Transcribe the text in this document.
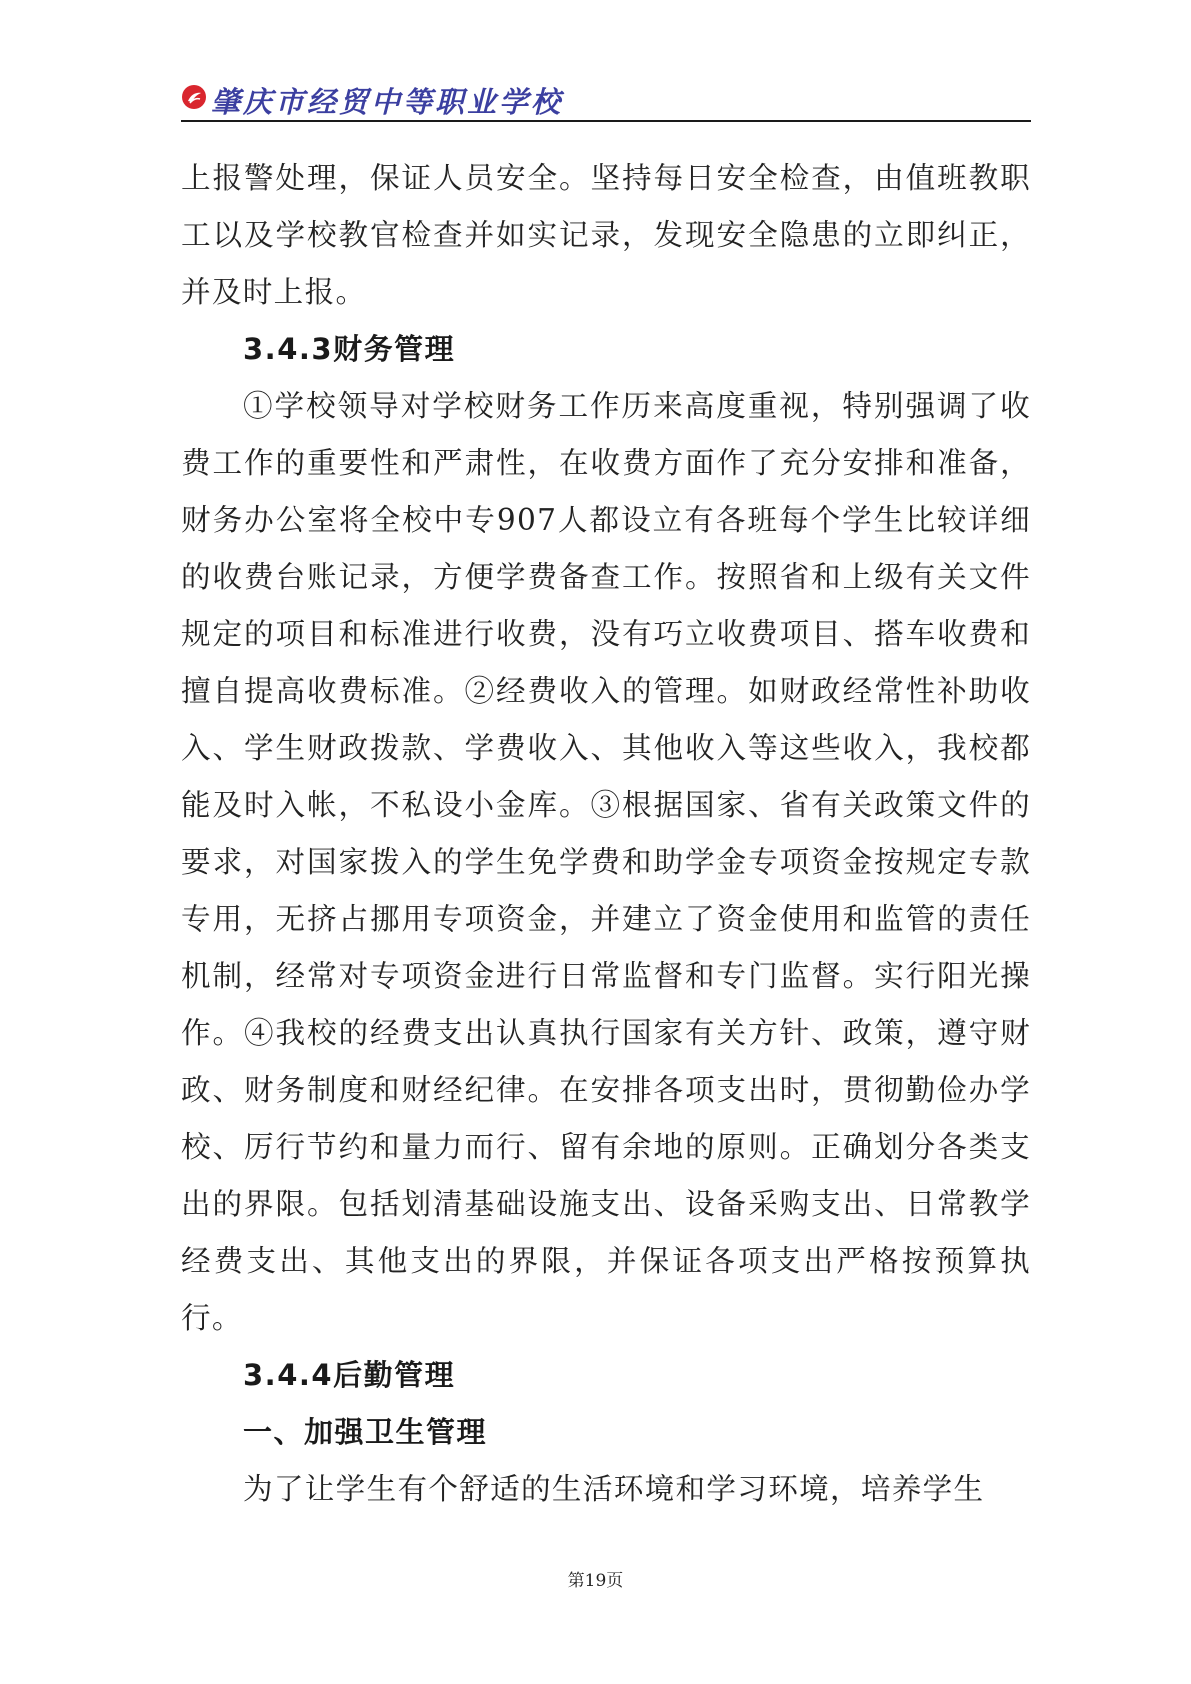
肇庆市经贸中等职业学校

上报警处理，保证人员安全。坚持每日安全检查，由值班教职工以及学校教官检查并如实记录，发现安全隐患的立即纠正，并及时上报。

3.4.3财务管理

①学校领导对学校财务工作历来高度重视，特别强调了收费工作的重要性和严肃性，在收费方面作了充分安排和准备，财务办公室将全校中专907人都设立有各班每个学生比较详细的收费台账记录，方便学费备查工作。按照省和上级有关文件规定的项目和标准进行收费，没有巧立收费项目、搭车收费和擅自提高收费标准。②经费收入的管理。如财政经常性补助收入、学生财政拨款、学费收入、其他收入等这些收入，我校都能及时入帐，不私设小金库。③根据国家、省有关政策文件的要求，对国家拨入的学生免学费和助学金专项资金按规定专款专用，无挤占挪用专项资金，并建立了资金使用和监管的责任机制，经常对专项资金进行日常监督和专门监督。实行阳光操作。④我校的经费支出认真执行国家有关方针、政策，遵守财政、财务制度和财经纪律。在安排各项支出时，贯彻勤俭办学校、厉行节约和量力而行、留有余地的原则。正确划分各类支出的界限。包括划清基础设施支出、设备采购支出、日常教学经费支出、其他支出的界限，并保证各项支出严格按预算执行。

3.4.4后勤管理
一、加强卫生管理

为了让学生有个舒适的生活环境和学习环境，培养学生

第19页
